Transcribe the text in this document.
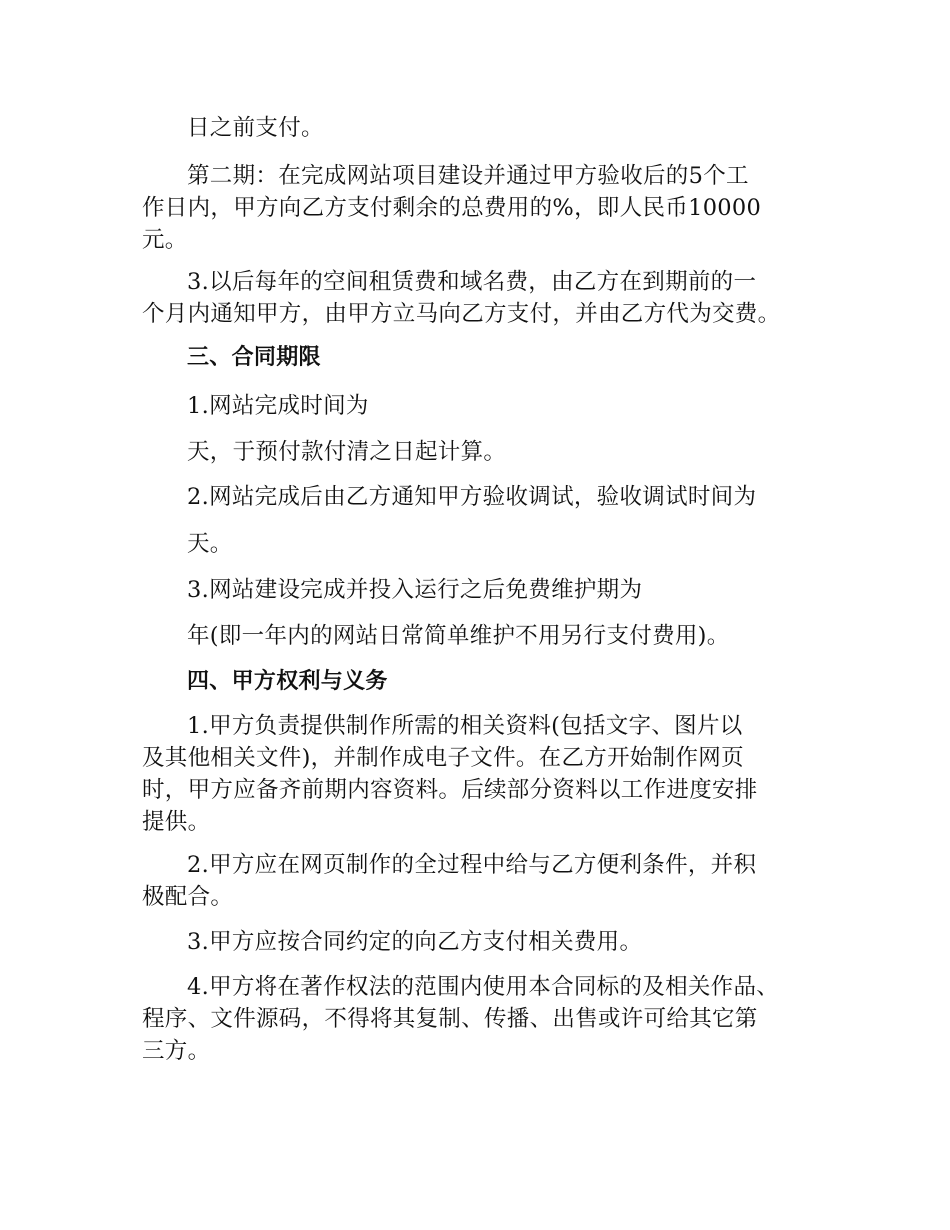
日之前支付。
第二期：在完成网站项目建设并通过甲方验收后的5个工
作日内，甲方向乙方支付剩余的总费用的%，即人民币10000
元。
3.以后每年的空间租赁费和域名费，由乙方在到期前的一
个月内通知甲方，由甲方立马向乙方支付，并由乙方代为交费。
三、合同期限
1.网站完成时间为
天，于预付款付清之日起计算。
2.网站完成后由乙方通知甲方验收调试，验收调试时间为
天。
3.网站建设完成并投入运行之后免费维护期为
年(即一年内的网站日常简单维护不用另行支付费用)。
四、甲方权利与义务
1.甲方负责提供制作所需的相关资料(包括文字、图片以
及其他相关文件)，并制作成电子文件。在乙方开始制作网页
时，甲方应备齐前期内容资料。后续部分资料以工作进度安排
提供。
2.甲方应在网页制作的全过程中给与乙方便利条件，并积
极配合。
3.甲方应按合同约定的向乙方支付相关费用。
4.甲方将在著作权法的范围内使用本合同标的及相关作品、
程序、文件源码，不得将其复制、传播、出售或许可给其它第
三方。
